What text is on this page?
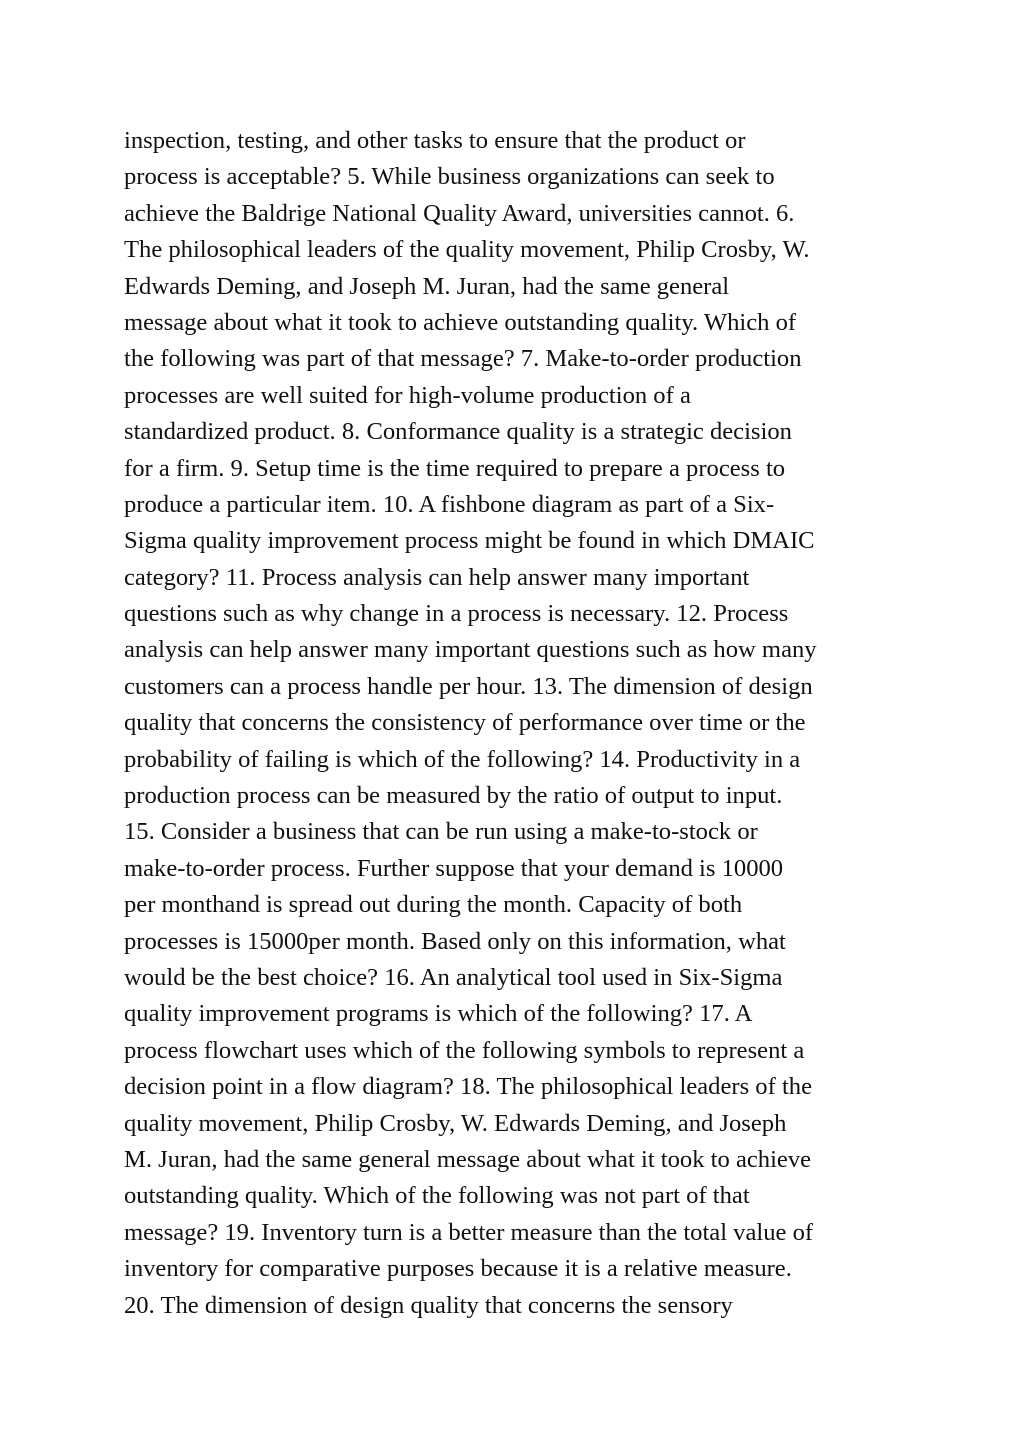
inspection, testing, and other tasks to ensure that the product or
process is acceptable? 5. While business organizations can seek to
achieve the Baldrige National Quality Award, universities cannot. 6.
The philosophical leaders of the quality movement, Philip Crosby, W.
Edwards Deming, and Joseph M. Juran, had the same general
message about what it took to achieve outstanding quality. Which of
the following was part of that message? 7. Make-to-order production
processes are well suited for high-volume production of a
standardized product. 8. Conformance quality is a strategic decision
for a firm. 9. Setup time is the time required to prepare a process to
produce a particular item. 10. A fishbone diagram as part of a Six-
Sigma quality improvement process might be found in which DMAIC
category? 11. Process analysis can help answer many important
questions such as why change in a process is necessary. 12. Process
analysis can help answer many important questions such as how many
customers can a process handle per hour. 13. The dimension of design
quality that concerns the consistency of performance over time or the
probability of failing is which of the following? 14. Productivity in a
production process can be measured by the ratio of output to input.
15. Consider a business that can be run using a make-to-stock or
make-to-order process. Further suppose that your demand is 10000
per monthand is spread out during the month. Capacity of both
processes is 15000per month. Based only on this information, what
would be the best choice? 16. An analytical tool used in Six-Sigma
quality improvement programs is which of the following? 17. A
process flowchart uses which of the following symbols to represent a
decision point in a flow diagram? 18. The philosophical leaders of the
quality movement, Philip Crosby, W. Edwards Deming, and Joseph
M. Juran, had the same general message about what it took to achieve
outstanding quality. Which of the following was not part of that
message? 19. Inventory turn is a better measure than the total value of
inventory for comparative purposes because it is a relative measure.
20. The dimension of design quality that concerns the sensory
